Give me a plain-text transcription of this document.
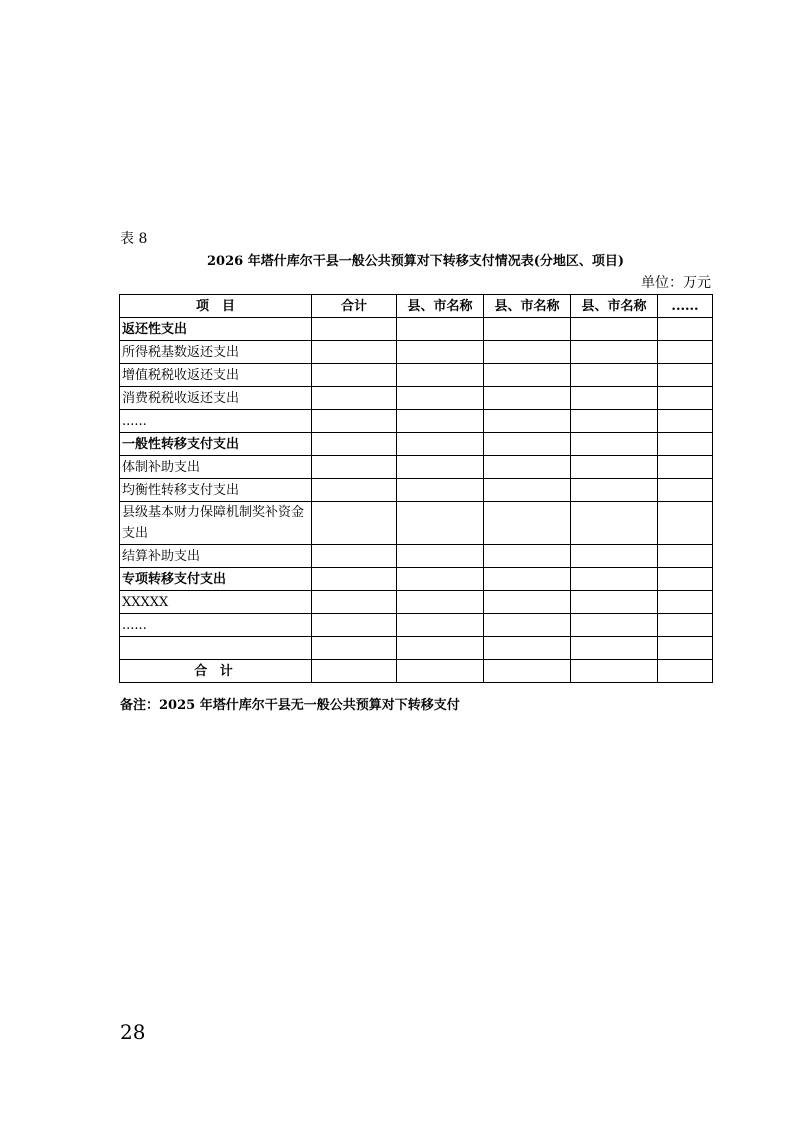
表 8
2026 年塔什库尔干县一般公共预算对下转移支付情况表(分地区、项目)
单位：万元
项　目	合计	县、市名称	县、市名称	县、市名称	......
返还性支出					
所得税基数返还支出					
增值税税收返还支出					
消费税税收返还支出					
......					
一般性转移支付支出					
体制补助支出					
均衡性转移支付支出					
县级基本财力保障机制奖补资金支出					
结算补助支出					
专项转移支付支出					
XXXXX					
......					

合 计					
备注：2025 年塔什库尔干县无一般公共预算对下转移支付
28
